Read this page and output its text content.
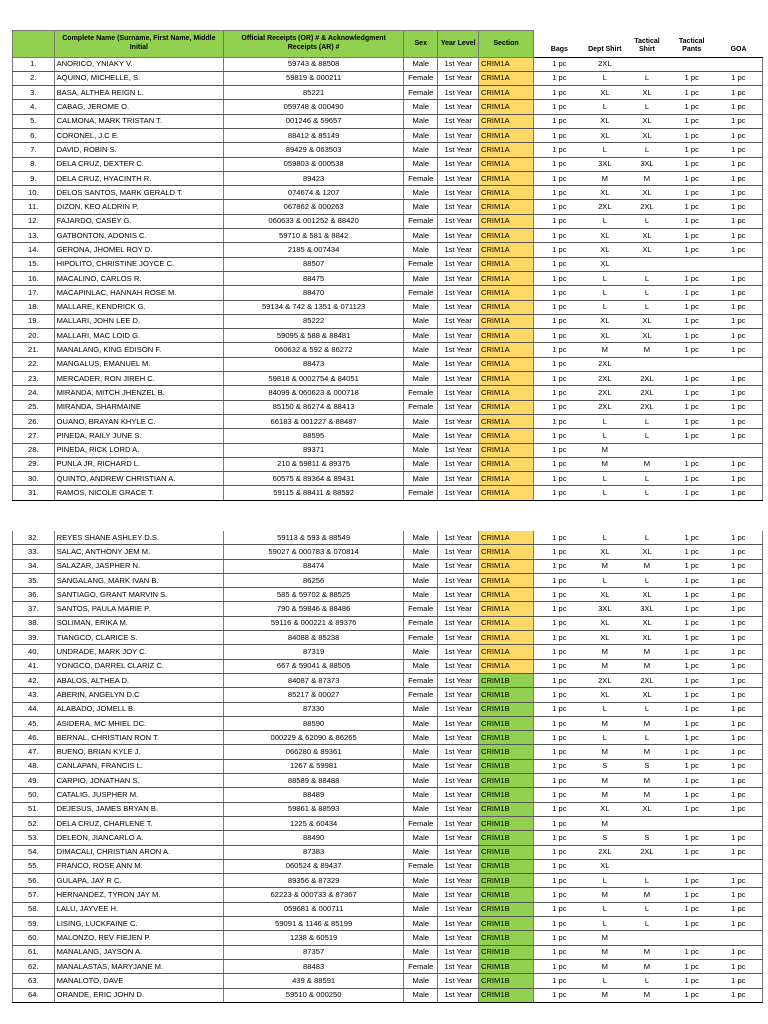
	Complete Name (Surname, First Name, Middle Initial	Official Receipts (OR) # & Acknowledgment Receipts (AR) #	Sex	Year Level	Section	Bags	Dept Shirt	Tactical Shirt	Tactical Pants	GOA
1.	ANORICO, YNIAKY V.	59743 & 88508	Male	1st Year	CRIM1A	1 pc	2XL			
2.	AQUINO, MICHELLE, S.	59819 & 000211	Female	1st Year	CRIM1A	1 pc	L	L	1 pc	1 pc
3.	BASA, ALTHEA REIGN L.	85221	Female	1st Year	CRIM1A	1 pc	XL	XL	1 pc	1 pc
4.	CABAG, JEROME O.	059748 & 000490	Male	1st Year	CRIM1A	1 pc	L	L	1 pc	1 pc
5.	CALMONA, MARK TRISTAN T.	001246 & 59657	Male	1st Year	CRIM1A	1 pc	XL	XL	1 pc	1 pc
6.	CORONEL, J.C E.	88412 & 85149	Male	1st Year	CRIM1A	1 pc	XL	XL	1 pc	1 pc
7.	DAVID, ROBIN S.	89429 & 063503	Male	1st Year	CRIM1A	1 pc	L	L	1 pc	1 pc
8.	DELA CRUZ, DEXTER C.	059803 & 000538	Male	1st Year	CRIM1A	1 pc	3XL	3XL	1 pc	1 pc
9.	DELA CRUZ, HYACINTH R.	89423	Female	1st Year	CRIM1A	1 pc	M	M	1 pc	1 pc
10.	DELOS SANTOS, MARK GERALD T.	074674 & 1207	Male	1st Year	CRIM1A	1 pc	XL	XL	1 pc	1 pc
11.	DIZON, KEO ALDRIN P.	067862 & 000263	Male	1st Year	CRIM1A	1 pc	2XL	2XL	1 pc	1 pc
12.	FAJARDO, CASEY G.	060633 & 001252 & 88420	Female	1st Year	CRIM1A	1 pc	L	L	1 pc	1 pc
13.	GATBONTON, ADONIS C.	59710 & 581 & 8842	Male	1st Year	CRIM1A	1 pc	XL	XL	1 pc	1 pc
14.	GERONA, JHOMEL ROY D.	2185 & 007434	Male	1st Year	CRIM1A	1 pc	XL	XL	1 pc	1 pc
15.	HIPOLITO, CHRISTINE JOYCE C.	88507	Female	1st Year	CRIM1A	1 pc	XL			
16.	MACALINO, CARLOS R.	88475	Male	1st Year	CRIM1A	1 pc	L	L	1 pc	1 pc
17.	MACAPINLAC, HANNAH ROSE M.	88470	Female	1st Year	CRIM1A	1 pc	L	L	1 pc	1 pc
18.	MALLARE, KENDRICK G.	59134 & 742 & 1351 & 071123	Male	1st Year	CRIM1A	1 pc	L	L	1 pc	1 pc
19.	MALLARI, JOHN LEE D.	85222	Male	1st Year	CRIM1A	1 pc	XL	XL	1 pc	1 pc
20.	MALLARI, MAC LOID G.	59095 & 588 & 88481	Male	1st Year	CRIM1A	1 pc	XL	XL	1 pc	1 pc
21.	MANALANG, KING EDISON F.	060632 & 592 & 86272	Male	1st Year	CRIM1A	1 pc	M	M	1 pc	1 pc
22.	MANGALUS, EMANUEL M.	88473	Male	1st Year	CRIM1A	1 pc	2XL			
23.	MERCADER, RON JIREH C.	59818 & 0002754 & 84051	Male	1st Year	CRIM1A	1 pc	2XL	2XL	1 pc	1 pc
24.	MIRANDA, MITCH JHENZEL B.	84099 & 060623 & 000718	Female	1st Year	CRIM1A	1 pc	2XL	2XL	1 pc	1 pc
25.	MIRANDA, SHARMAINE	85150 & 86274 & 88413	Female	1st Year	CRIM1A	1 pc	2XL	2XL	1 pc	1 pc
26.	OUANO, BRAYAN KHYLE C.	66183 & 001227 & 88487	Male	1st Year	CRIM1A	1 pc	L	L	1 pc	1 pc
27.	PINEDA, RAILY JUNE S.	88595	Male	1st Year	CRIM1A	1 pc	L	L	1 pc	1 pc
28.	PINEDA, RICK LORD A.	89371	Male	1st Year	CRIM1A	1 pc	M			
29.	PUNLA JR, RICHARD L.	210 & 59811 & 89375	Male	1st Year	CRIM1A	1 pc	M	M	1 pc	1 pc
30.	QUINTO, ANDREW CHRISTIAN A.	60575 & 89364 & 89431	Male	1st Year	CRIM1A	1 pc	L	L	1 pc	1 pc
31.	RAMOS, NICOLE GRACE T.	59115 & 88411 & 88592	Female	1st Year	CRIM1A	1 pc	L	L	1 pc	1 pc
32.	REYES SHANE ASHLEY D.S.	59113 & 593 & 88549	Male	1st Year	CRIM1A	1 pc	L	L	1 pc	1 pc
33.	SALAC, ANTHONY JEM M.	59027 & 000783 & 070814	Male	1st Year	CRIM1A	1 pc	XL	XL	1 pc	1 pc
34.	SALAZAR, JASPHER N.	88474	Male	1st Year	CRIM1A	1 pc	M	M	1 pc	1 pc
35.	SANGALANG, MARK IVAN B.	86256	Male	1st Year	CRIM1A	1 pc	L	L	1 pc	1 pc
36.	SANTIAGO, GRANT MARVIN S.	585 & 59702 & 88525	Male	1st Year	CRIM1A	1 pc	XL	XL	1 pc	1 pc
37.	SANTOS, PAULA MARIE P.	790 & 59846 & 88486	Female	1st Year	CRIM1A	1 pc	3XL	3XL	1 pc	1 pc
38.	SOLIMAN, ERIKA M.	59116 & 000221 & 89376	Female	1st Year	CRIM1A	1 pc	XL	XL	1 pc	1 pc
39.	TIANGCO, CLARICE S.	84088 & 85238	Female	1st Year	CRIM1A	1 pc	XL	XL	1 pc	1 pc
40.	UNDRADE, MARK JOY C.	87319	Male	1st Year	CRIM1A	1 pc	M	M	1 pc	1 pc
41.	YONGCO, DARREL CLARIZ C.	667 & 59041 & 88505	Male	1st Year	CRIM1A	1 pc	M	M	1 pc	1 pc
42.	ABALOS, ALTHEA D.	84087 & 87373	Female	1st Year	CRIM1B	1 pc	2XL	2XL	1 pc	1 pc
43.	ABERIN, ANGELYN D.C	85217 & 00027	Female	1st Year	CRIM1B	1 pc	XL	XL	1 pc	1 pc
44.	ALABADO, JOMELL B.	87330	Male	1st Year	CRIM1B	1 pc	L	L	1 pc	1 pc
45.	ASIDERA, MC MHIEL DC.	88590	Male	1st Year	CRIM1B	1 pc	M	M	1 pc	1 pc
46.	BERNAL, CHRISTIAN RON T.	000229 & 62090 & 86265	Male	1st Year	CRIM1B	1 pc	L	L	1 pc	1 pc
47.	BUENO, BRIAN KYLE J.	066280 & 89361	Male	1st Year	CRIM1B	1 pc	M	M	1 pc	1 pc
48.	CANLAPAN, FRANCIS L.	1267 & 59981	Male	1st Year	CRIM1B	1 pc	S	S	1 pc	1 pc
49.	CARPIO, JONATHAN S.	88589 & 88488	Male	1st Year	CRIM1B	1 pc	M	M	1 pc	1 pc
50.	CATALIG, JUSPHER M.	88489	Male	1st Year	CRIM1B	1 pc	M	M	1 pc	1 pc
51.	DEJESUS, JAMES BRYAN B.	59861 & 88593	Male	1st Year	CRIM1B	1 pc	XL	XL	1 pc	1 pc
52.	DELA CRUZ, CHARLENE T.	1225 & 60434	Female	1st Year	CRIM1B	1 pc	M			
53.	DELEON, JIANCARLO A.	88490	Male	1st Year	CRIM1B	1 pc	S	S	1 pc	1 pc
54.	DIMACALI, CHRISTIAN ARON A.	87383	Male	1st Year	CRIM1B	1 pc	2XL	2XL	1 pc	1 pc
55.	FRANCO, ROSE ANN M.	060524 & 89437	Female	1st Year	CRIM1B	1 pc	XL			
56.	GULAPA, JAY R C.	89356 & 87329	Male	1st Year	CRIM1B	1 pc	L	L	1 pc	1 pc
57.	HERNANDEZ, TYRON JAY M.	62223 & 000733 & 87367	Male	1st Year	CRIM1B	1 pc	M	M	1 pc	1 pc
58.	LALU, JAYVEE H.	059681 & 000711	Male	1st Year	CRIM1B	1 pc	L	L	1 pc	1 pc
59.	LISING, LUCKFAINE C.	59091 & 1146 & 85199	Male	1st Year	CRIM1B	1 pc	L	L	1 pc	1 pc
60.	MALONZO, REV FIEJEN P.	1238 & 60519	Male	1st Year	CRIM1B	1 pc	M			
61.	MANALANG, JAYSON A.	87357	Male	1st Year	CRIM1B	1 pc	M	M	1 pc	1 pc
62.	MANALASTAS, MARYJANE M.	88483	Female	1st Year	CRIM1B	1 pc	M	M	1 pc	1 pc
63.	MANALOTO, DAVE	439 & 88591	Male	1st Year	CRIM1B	1 pc	L	L	1 pc	1 pc
64.	ORANDE, ERIC JOHN D.	59510 & 000250	Male	1st Year	CRIM1B	1 pc	M	M	1 pc	1 pc
